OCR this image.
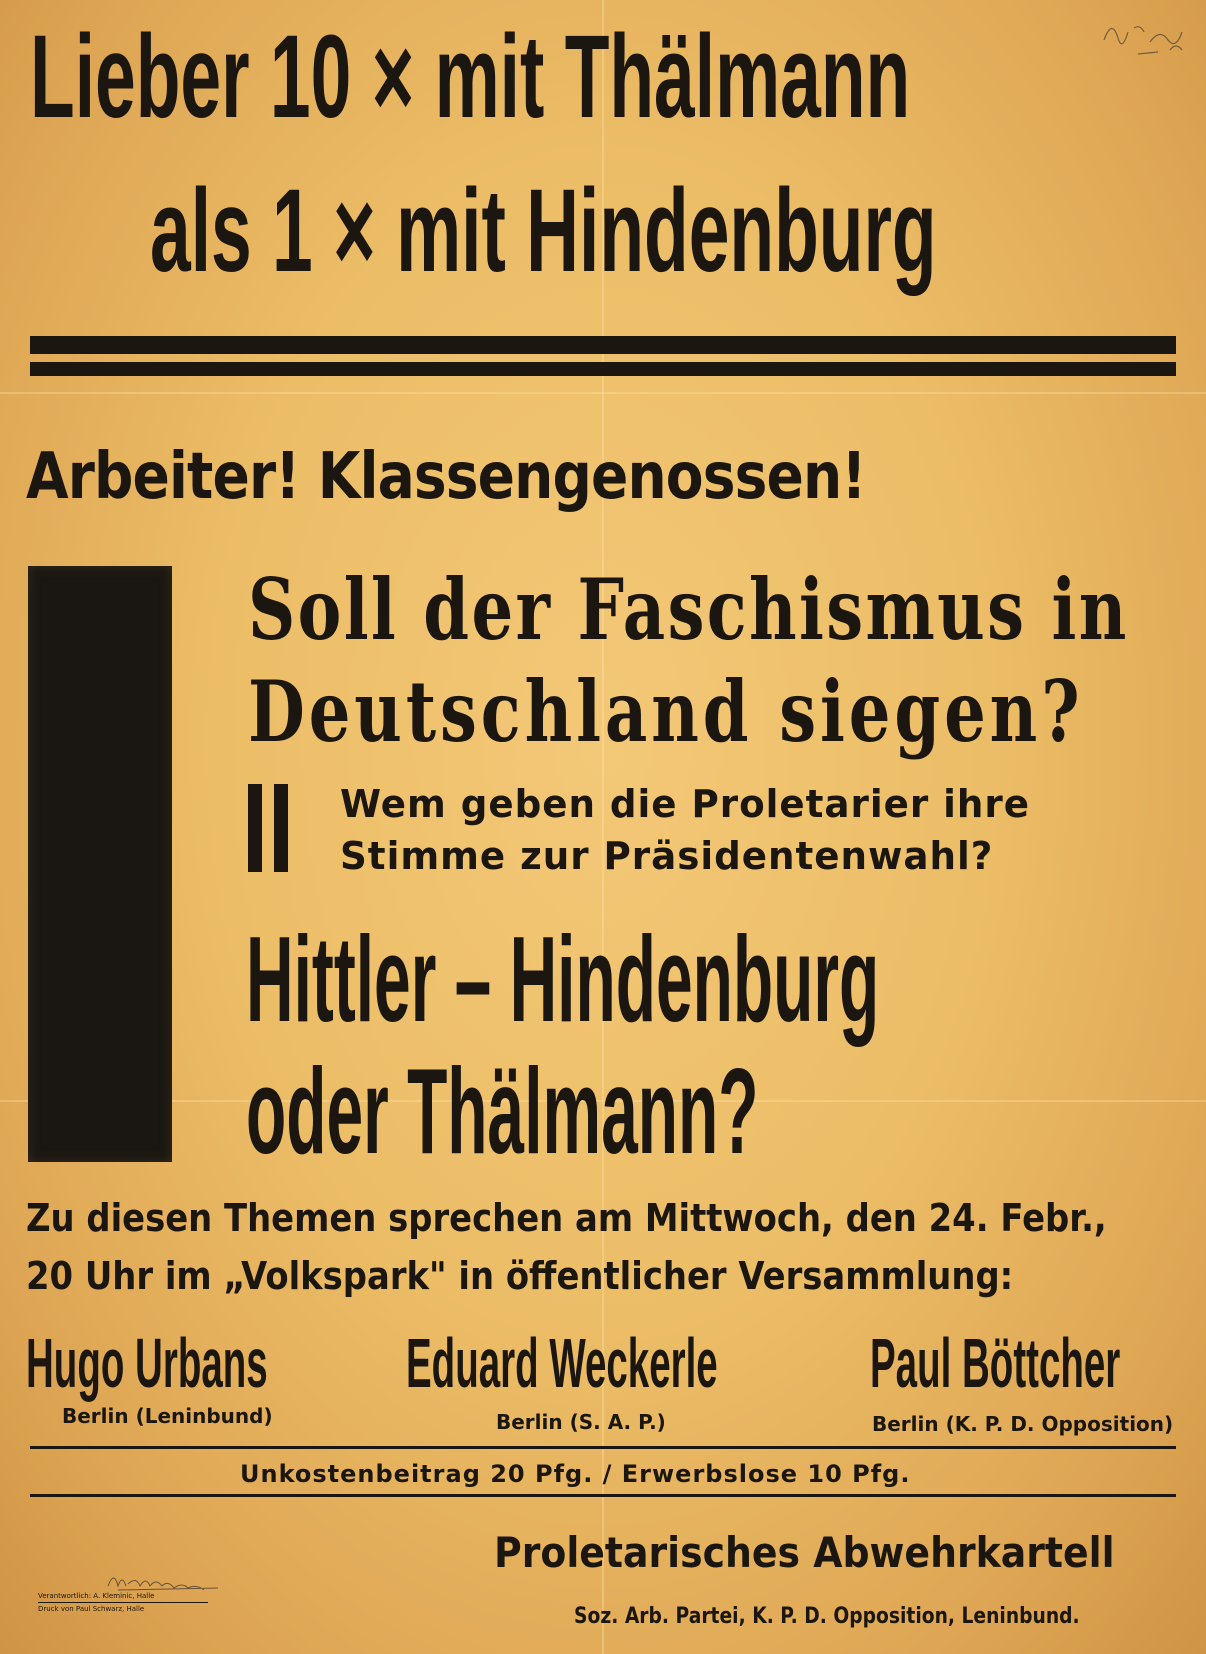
Lieber 10 × mit Thälmann
als 1 × mit Hindenburg
Arbeiter! Klassengenossen!
Soll der Faschismus in
Deutschland siegen?
Wem geben die Proletarier ihre
Stimme zur Präsidentenwahl?
Hittler – Hindenburg
oder Thälmann?
Zu diesen Themen sprechen am Mittwoch, den 24. Febr.,
20 Uhr im „Volkspark" in öffentlicher Versammlung:
Hugo Urbans
Berlin (Leninbund)
Eduard Weckerle
Berlin (S. A. P.)
Paul Böttcher
Berlin (K. P. D. Opposition)
Unkostenbeitrag 20 Pfg. / Erwerbslose 10 Pfg.
Proletarisches Abwehrkartell
Soz. Arb. Partei, K. P. D. Opposition, Leninbund.
Verantwortlich: A. Kleminic, Halle
Druck von Paul Schwarz, Halle
